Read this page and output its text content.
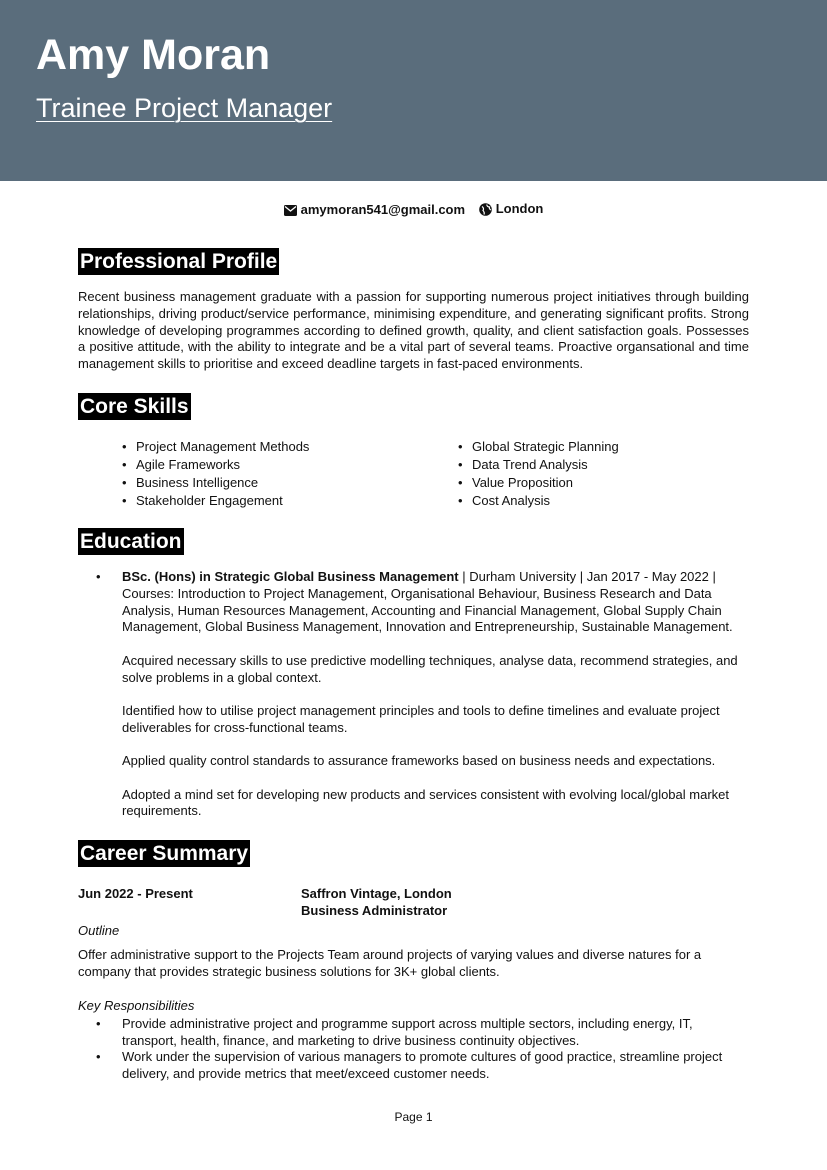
Amy Moran
Trainee Project Manager
amymoran541@gmail.com
London
Professional Profile

Recent business management graduate with a passion for supporting numerous project initiatives through building relationships, driving product/service performance, minimising expenditure, and generating significant profits. Strong knowledge of developing programmes according to defined growth, quality, and client satisfaction goals. Possesses a positive attitude, with the ability to integrate and be a vital part of several teams. Proactive organsational and time management skills to prioritise and exceed deadline targets in fast-paced environments.

Core Skills
• Project Management Methods
• Agile Frameworks
• Business Intelligence
• Stakeholder Engagement
• Global Strategic Planning
• Data Trend Analysis
• Value Proposition
• Cost Analysis
Education
• BSc. (Hons) in Strategic Global Business Management | Durham University | Jan 2017 - May 2022 |
Courses: Introduction to Project Management, Organisational Behaviour, Business Research and Data Analysis, Human Resources Management, Accounting and Financial Management, Global Supply Chain Management, Global Business Management, Innovation and Entrepreneurship, Sustainable Management.

Acquired necessary skills to use predictive modelling techniques, analyse data, recommend strategies, and solve problems in a global context.

Identified how to utilise project management principles and tools to define timelines and evaluate project deliverables for cross-functional teams.

Applied quality control standards to assurance frameworks based on business needs and expectations.

Adopted a mind set for developing new products and services consistent with evolving local/global market requirements.

Career Summary

Jun 2022 - Present	Saffron Vintage, London

Business Administrator

Outline

Offer administrative support to the Projects Team around projects of varying values and diverse natures for a company that provides strategic business solutions for 3K+ global clients.

Key Responsibilities

• Provide administrative project and programme support across multiple sectors, including energy, IT, transport, health, finance, and marketing to drive business continuity objectives.

• Work under the supervision of various managers to promote cultures of good practice, streamline project delivery, and provide metrics that meet/exceed customer needs.

Page 1
